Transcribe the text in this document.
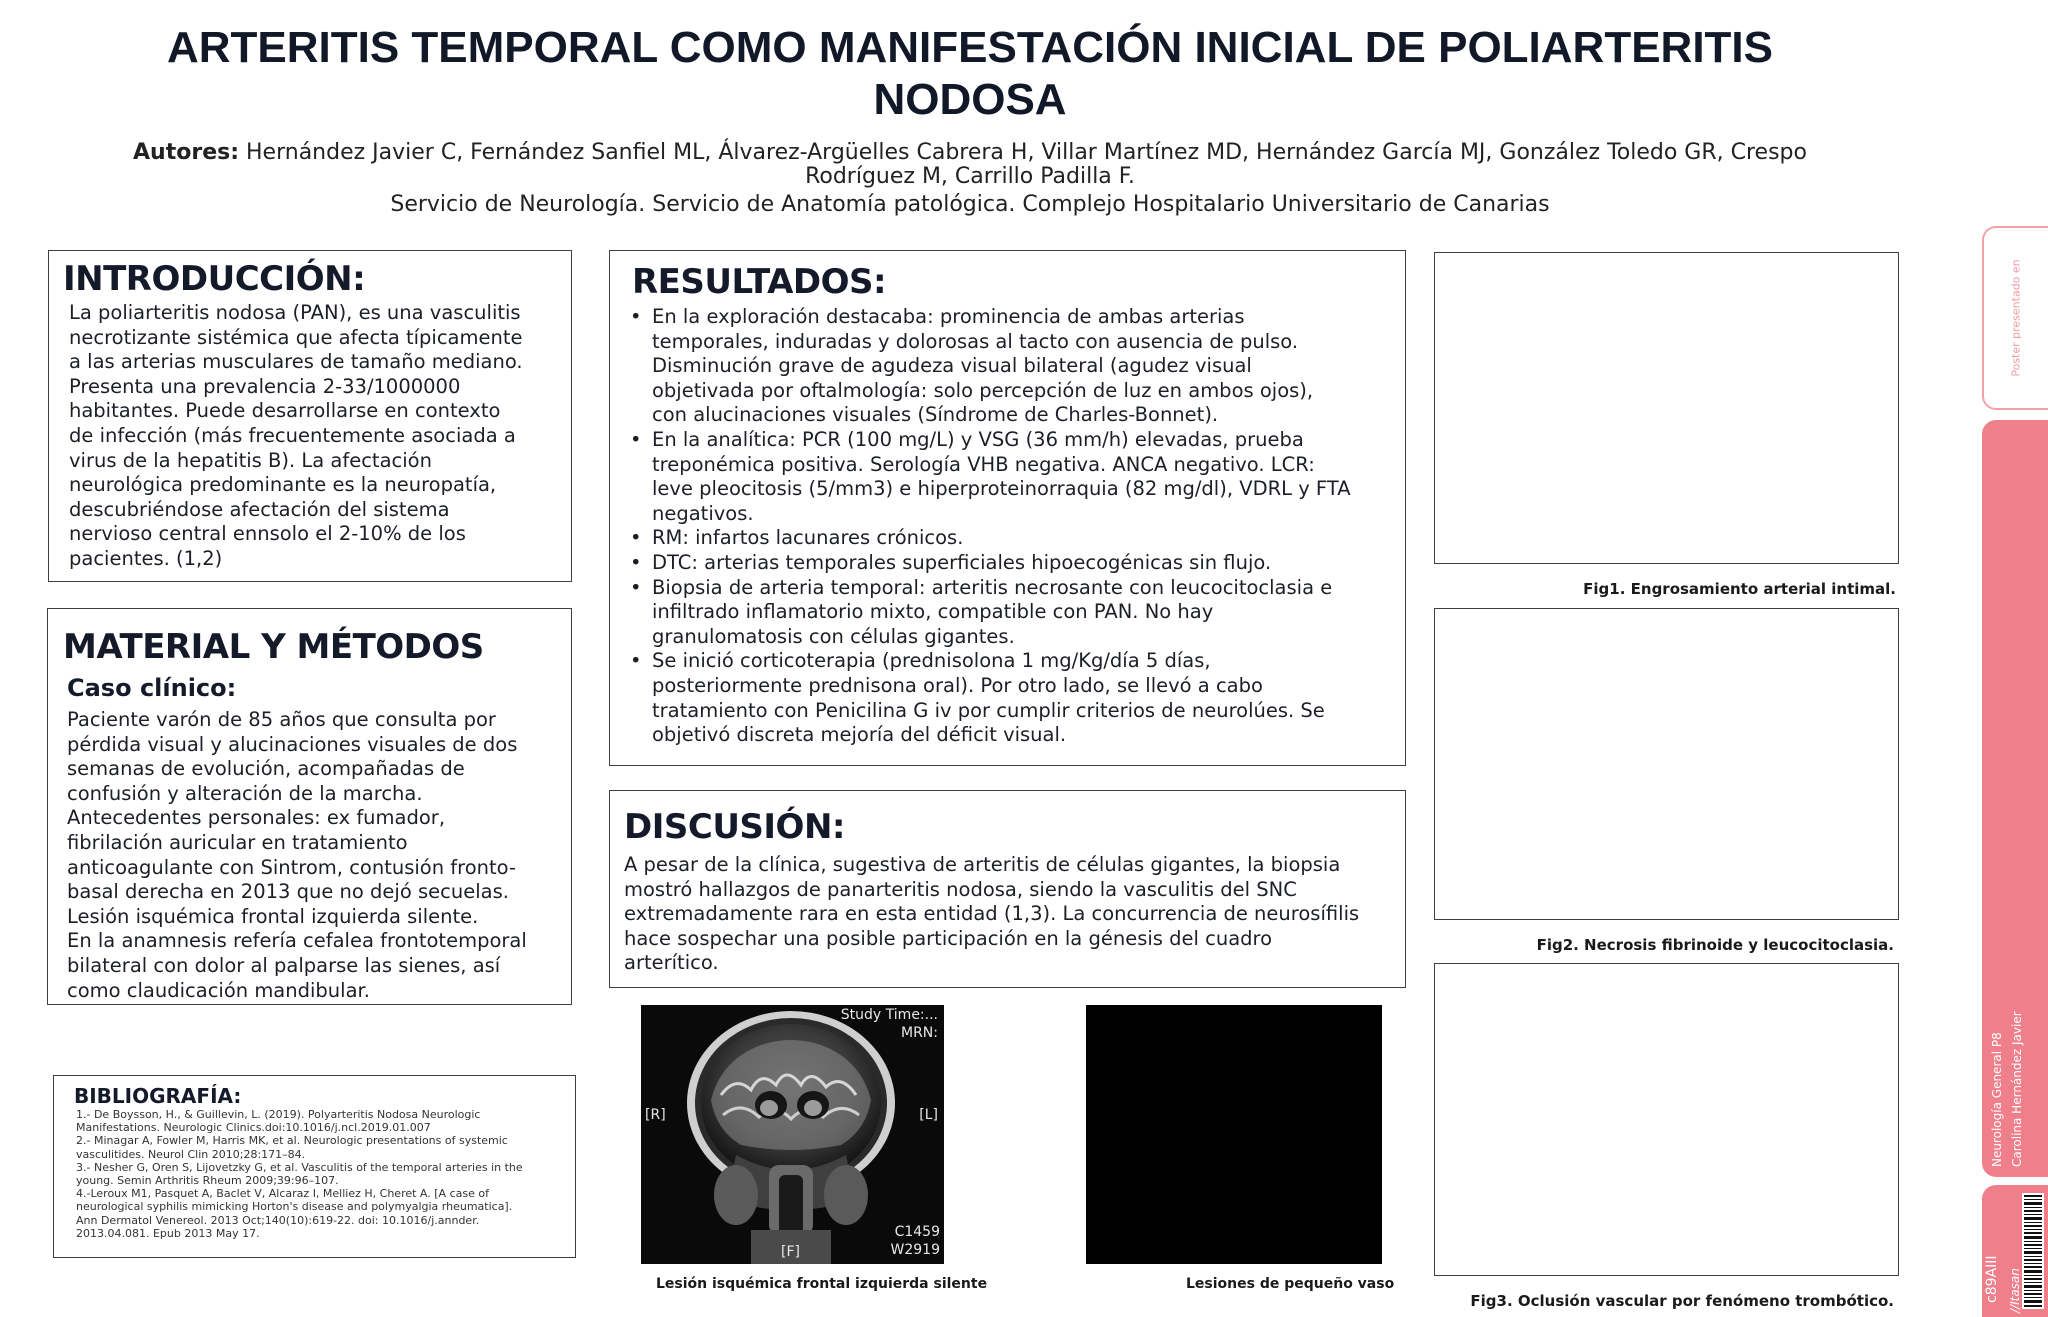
ARTERITIS TEMPORAL COMO MANIFESTACIÓN INICIAL DE POLIARTERITIS
NODOSA
Autores: Hernández Javier C, Fernández Sanfiel ML, Álvarez-Argüelles Cabrera H, Villar Martínez MD, Hernández García MJ, González Toledo GR, Crespo
Rodríguez M, Carrillo Padilla F.
Servicio de Neurología. Servicio de Anatomía patológica. Complejo Hospitalario Universitario de Canarias
INTRODUCCIÓN:
La poliarteritis nodosa (PAN), es una vasculitis
necrotizante sistémica que afecta típicamente
a las arterias musculares de tamaño mediano.
Presenta una prevalencia 2-33/1000000
habitantes. Puede desarrollarse en contexto
de infección (más frecuentemente asociada a
virus de la hepatitis B). La afectación
neurológica predominante es la neuropatía,
descubriéndose afectación del sistema
nervioso central ennsolo el 2-10% de los
pacientes. (1,2)
MATERIAL Y MÉTODOS
Caso clínico:
Paciente varón de 85 años que consulta por
pérdida visual y alucinaciones visuales de dos
semanas de evolución, acompañadas de
confusión y alteración de la marcha.
Antecedentes personales: ex fumador,
fibrilación auricular en tratamiento
anticoagulante con Sintrom, contusión fronto-
basal derecha en 2013 que no dejó secuelas.
Lesión isquémica frontal izquierda silente.
En la anamnesis refería cefalea frontotemporal
bilateral con dolor al palparse las sienes, así
como claudicación mandibular.
BIBLIOGRAFÍA:
1.- De Boysson, H., & Guillevin, L. (2019). Polyarteritis Nodosa Neurologic
Manifestations. Neurologic Clinics.doi:10.1016/j.ncl.2019.01.007
2.- Minagar A, Fowler M, Harris MK, et al. Neurologic presentations of systemic
vasculitides. Neurol Clin 2010;28:171–84.
3.- Nesher G, Oren S, Lijovetzky G, et al. Vasculitis of the temporal arteries in the
young. Semin Arthritis Rheum 2009;39:96–107.
4.-Leroux M1, Pasquet A, Baclet V, Alcaraz I, Melliez H, Cheret A. [A case of
neurological syphilis mimicking Horton's disease and polymyalgia rheumatica].
Ann Dermatol Venereol. 2013 Oct;140(10):619-22. doi: 10.1016/j.annder.
2013.04.081. Epub 2013 May 17.
RESULTADOS:
• En la exploración destacaba: prominencia de ambas arterias
temporales, induradas y dolorosas al tacto con ausencia de pulso.
Disminución grave de agudeza visual bilateral (agudez visual
objetivada por oftalmología: solo percepción de luz en ambos ojos),
con alucinaciones visuales (Síndrome de Charles-Bonnet).
• En la analítica: PCR (100 mg/L) y VSG (36 mm/h) elevadas, prueba
treponémica positiva. Serología VHB negativa. ANCA negativo. LCR:
leve pleocitosis (5/mm3) e hiperproteinorraquia (82 mg/dl), VDRL y FTA
negativos.
• RM: infartos lacunares crónicos.
• DTC: arterias temporales superficiales hipoecogénicas sin flujo.
• Biopsia de arteria temporal: arteritis necrosante con leucocitoclasia e
infiltrado inflamatorio mixto, compatible con PAN. No hay
granulomatosis con células gigantes.
• Se inició corticoterapia (prednisolona 1 mg/Kg/día 5 días,
posteriormente prednisona oral). Por otro lado, se llevó a cabo
tratamiento con Penicilina G iv por cumplir criterios de neurolúes. Se
objetivó discreta mejoría del déficit visual.
DISCUSIÓN:
A pesar de la clínica, sugestiva de arteritis de células gigantes, la biopsia
mostró hallazgos de panarteritis nodosa, siendo la vasculitis del SNC
extremadamente rara en esta entidad (1,3). La concurrencia de neurosífilis
hace sospechar una posible participación en la génesis del cuadro
arterítico.
Study Time:...
MRN:
[R]	[L]
[F]
C1459
W2919
Lesión isquémica frontal izquierda silente	Lesiones de pequeño vaso
Fig1. Engrosamiento arterial intimal.
Fig2. Necrosis fibrinoide y leucocitoclasia.
Fig3. Oclusión vascular por fenómeno trombótico.
Poster presentado en
Neurología General P8 Carolina Hernández Javier
c89AIII //Itasan
